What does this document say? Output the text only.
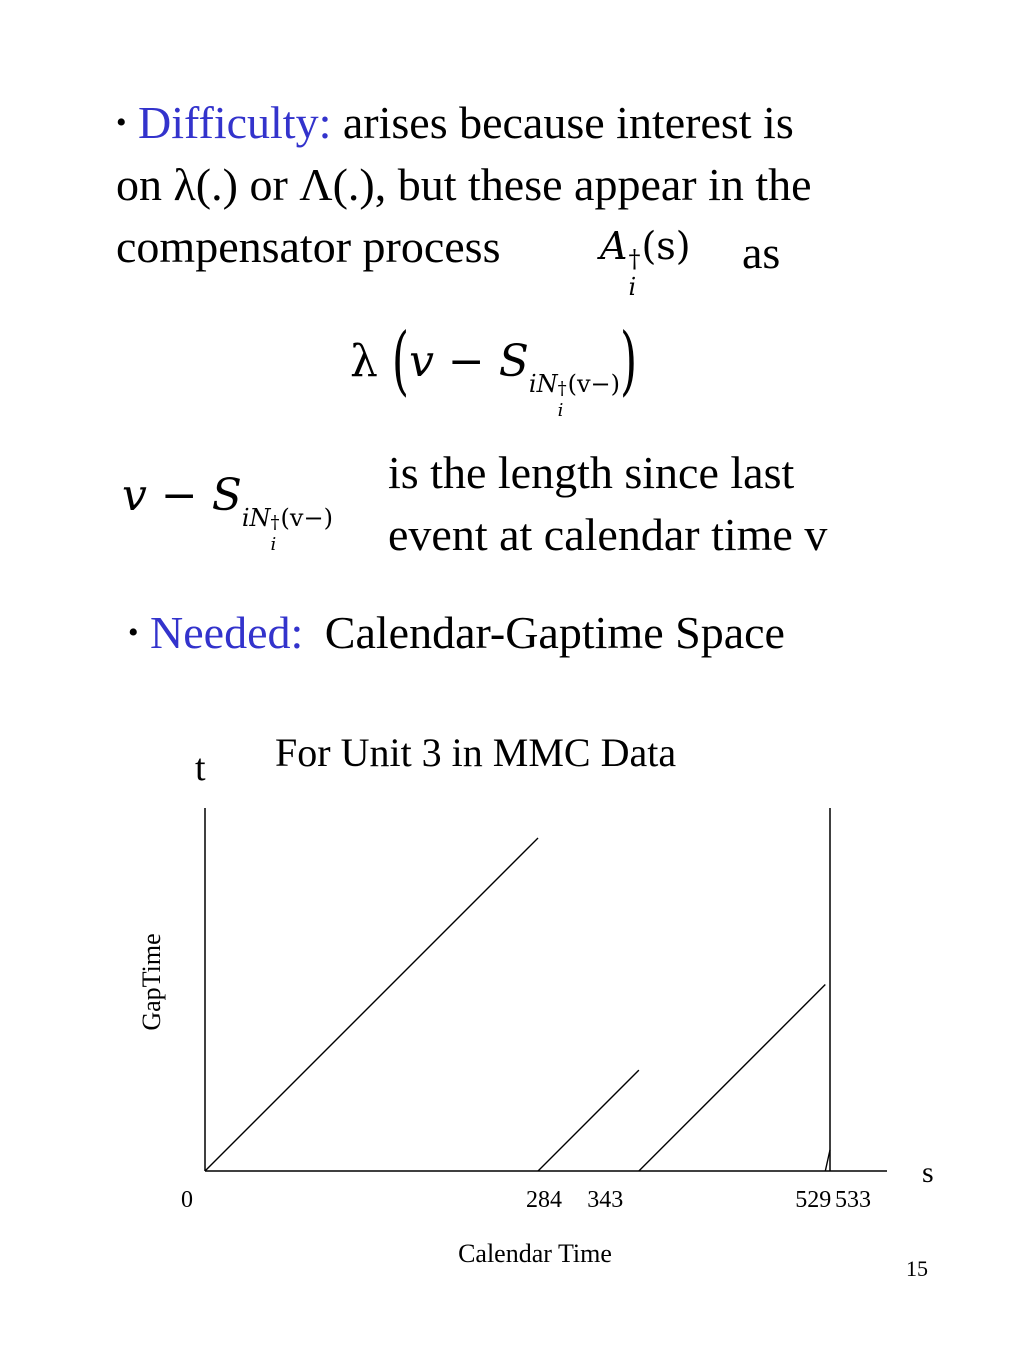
• Difficulty: arises because interest is
on λ(.) or Λ(.), but these appear in the
compensator process	A †
i
(s) as
λ $(v - S_{iN \dagger i (v-)})$
$v - S_{iN \dagger i (v-)}$
is the length since last
event at calendar time v
• Needed: Calendar-Gaptime Space
For Unit 3 in MMC Data
t
s
GapTime
Calendar Time
0	284 343	529 533
15
